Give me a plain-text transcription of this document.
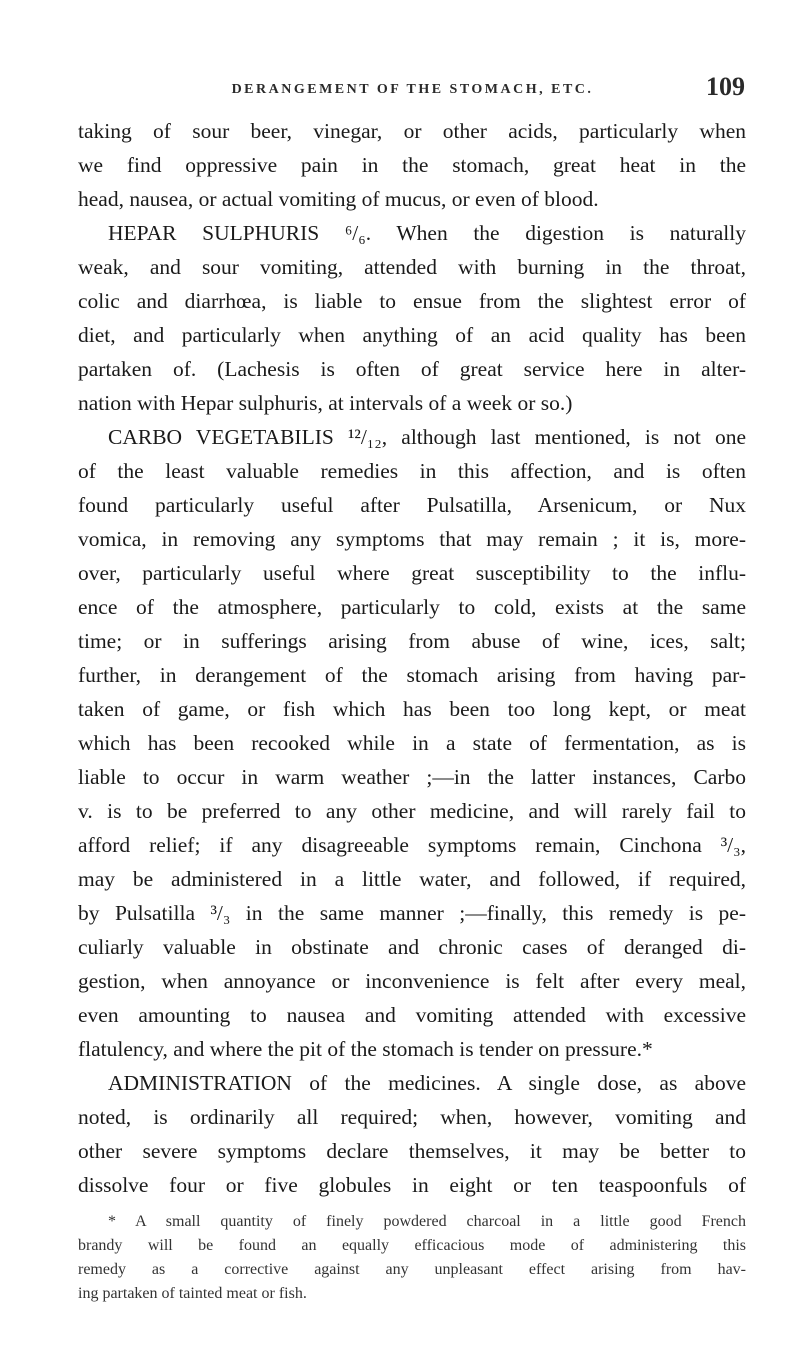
DERANGEMENT OF THE STOMACH, ETC.	109
taking of sour beer, vinegar, or other acids, particularly when
we find oppressive pain in the stomach, great heat in the
head, nausea, or actual vomiting of mucus, or even of blood.
HEPAR SULPHURIS ⁶/₆. When the digestion is naturally
weak, and sour vomiting, attended with burning in the throat,
colic and diarrhœa, is liable to ensue from the slightest error of
diet, and particularly when anything of an acid quality has been
partaken of. (Lachesis is often of great service here in alter-
nation with Hepar sulphuris, at intervals of a week or so.)
CARBO VEGETABILIS ¹²/₁₂, although last mentioned, is not one
of the least valuable remedies in this affection, and is often
found particularly useful after Pulsatilla, Arsenicum, or Nux
vomica, in removing any symptoms that may remain ; it is, more-
over, particularly useful where great susceptibility to the influ-
ence of the atmosphere, particularly to cold, exists at the same
time; or in sufferings arising from abuse of wine, ices, salt;
further, in derangement of the stomach arising from having par-
taken of game, or fish which has been too long kept, or meat
which has been recooked while in a state of fermentation, as is
liable to occur in warm weather ;—in the latter instances, Carbo
v. is to be preferred to any other medicine, and will rarely fail to
afford relief; if any disagreeable symptoms remain, Cinchona ³/₃,
may be administered in a little water, and followed, if required,
by Pulsatilla ³/₃ in the same manner ;—finally, this remedy is pe-
culiarly valuable in obstinate and chronic cases of deranged di-
gestion, when annoyance or inconvenience is felt after every meal,
even amounting to nausea and vomiting attended with excessive
flatulency, and where the pit of the stomach is tender on pressure.*
ADMINISTRATION of the medicines. A single dose, as above
noted, is ordinarily all required; when, however, vomiting and
other severe symptoms declare themselves, it may be better to
dissolve four or five globules in eight or ten teaspoonfuls of
* A small quantity of finely powdered charcoal in a little good French
brandy will be found an equally efficacious mode of administering this
remedy as a corrective against any unpleasant effect arising from hav-
ing partaken of tainted meat or fish.
